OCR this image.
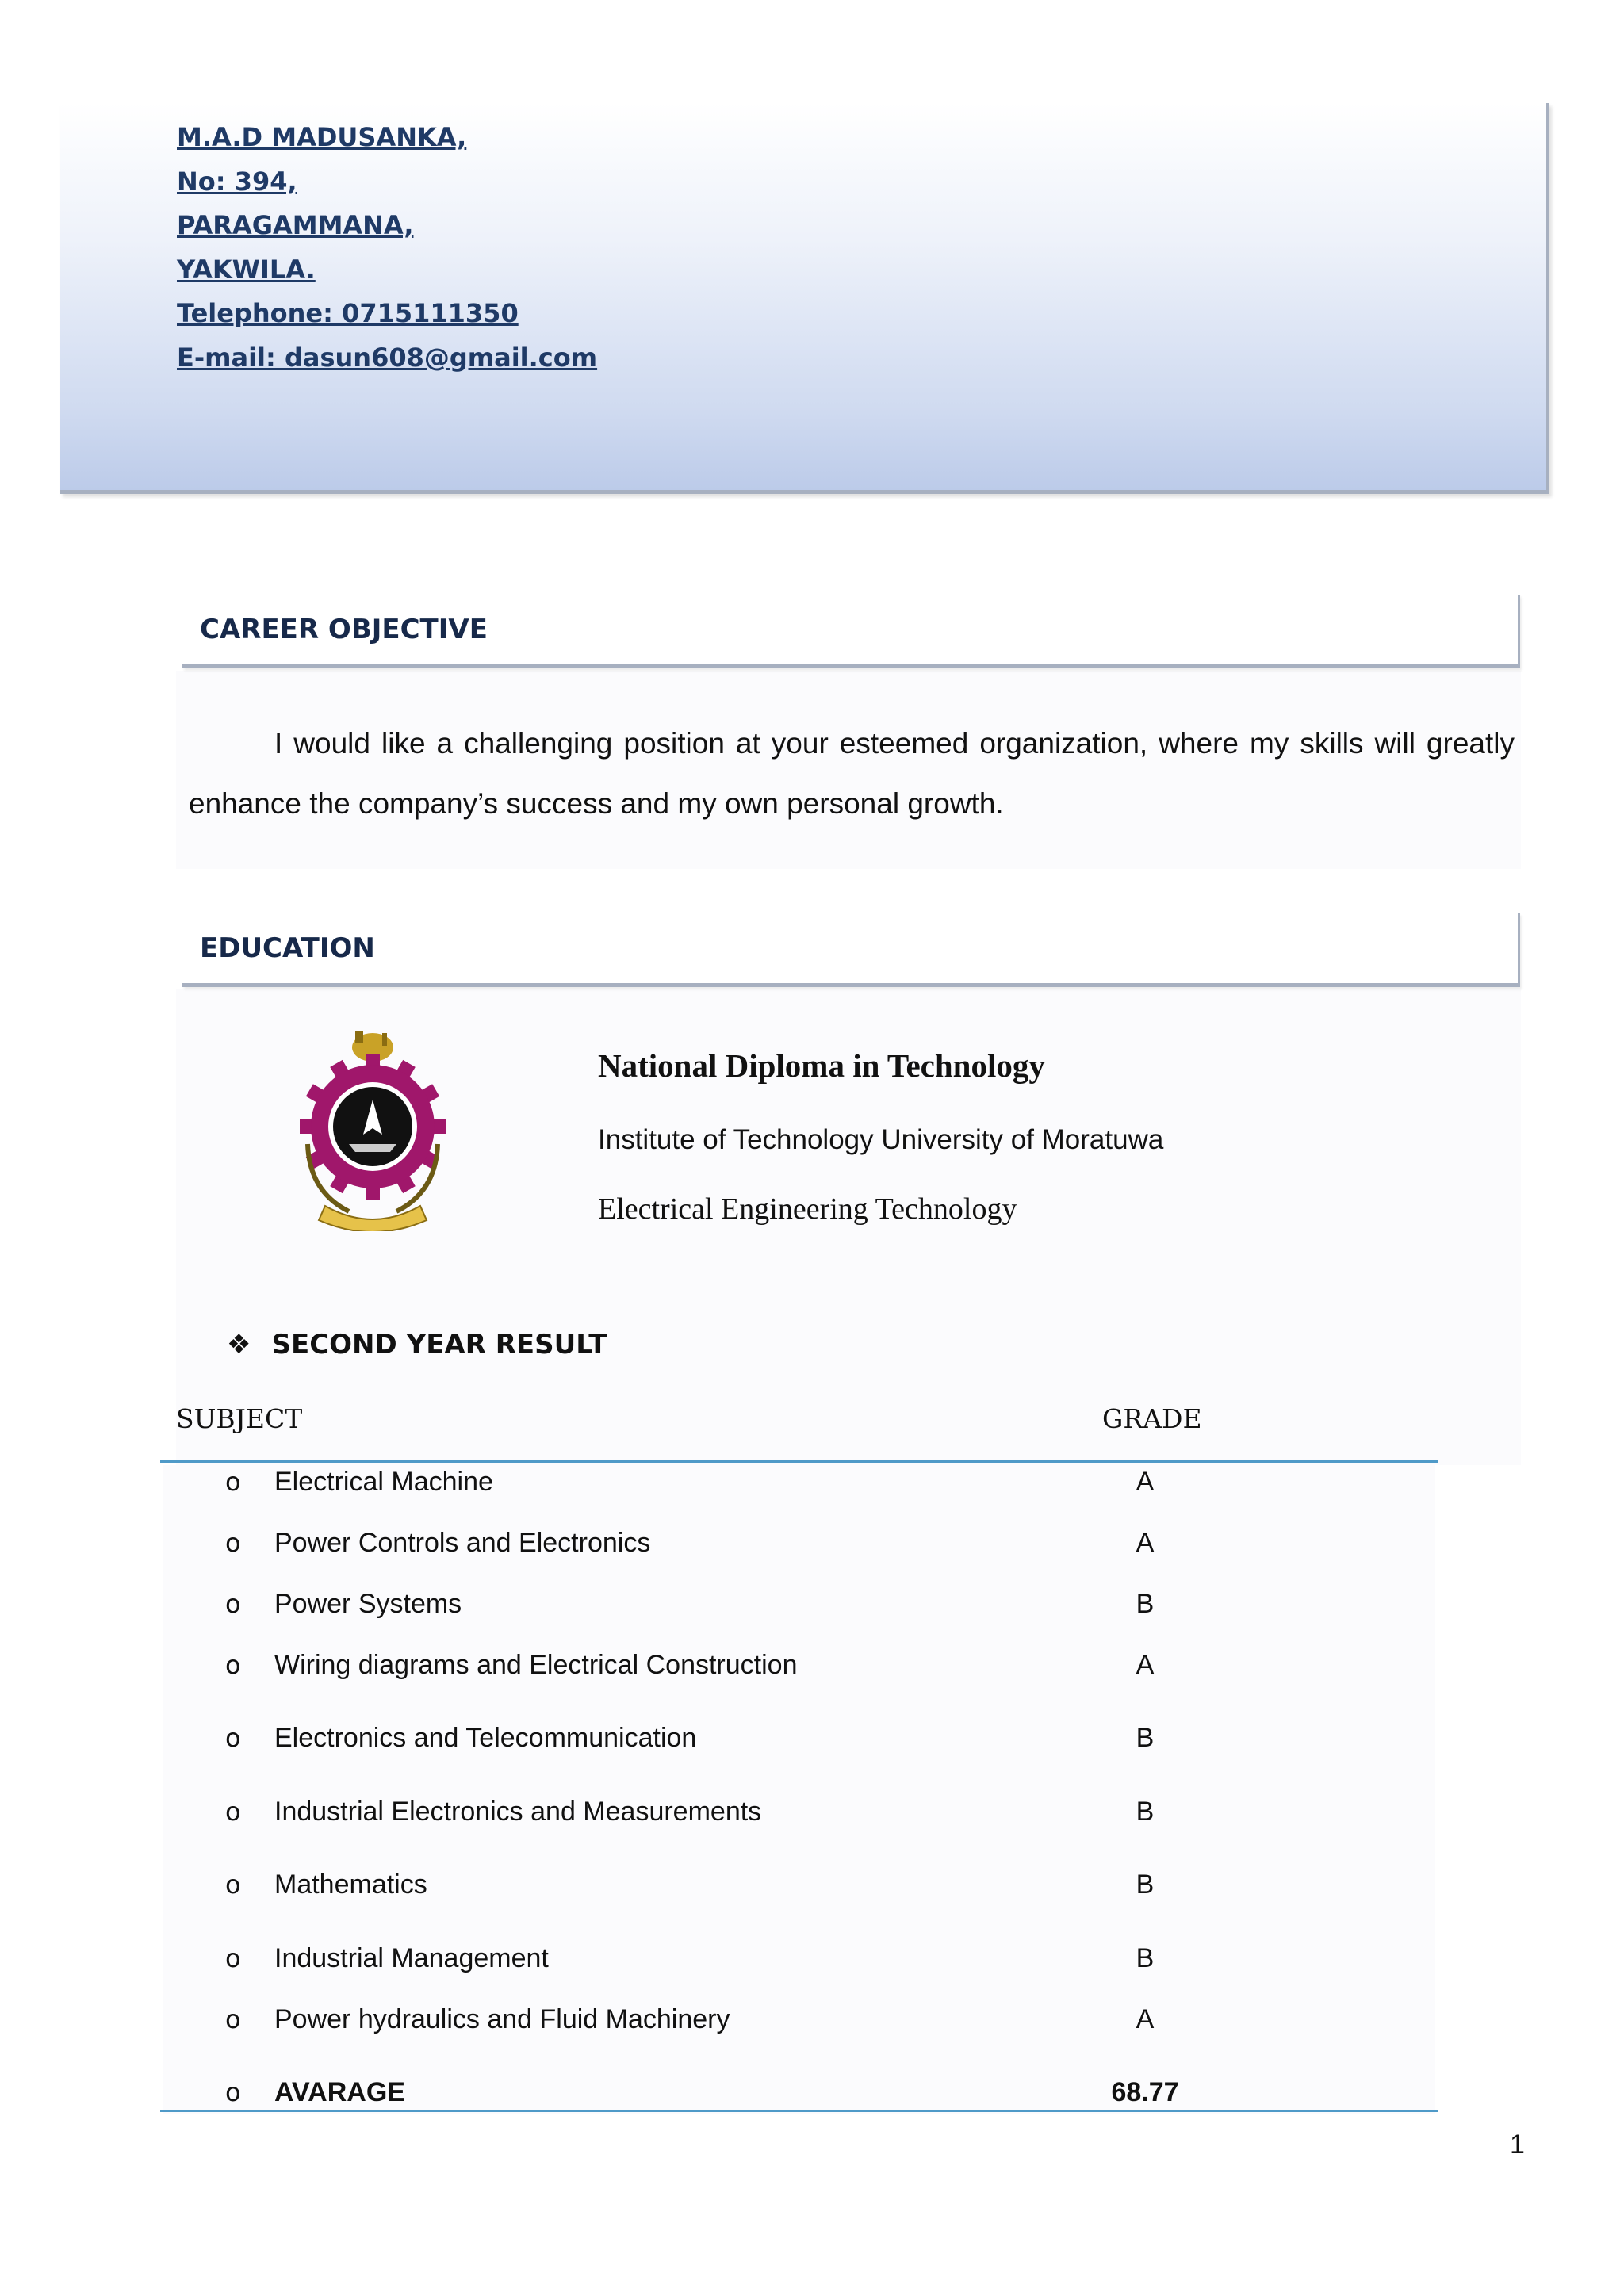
M.A.D MADUSANKA,
No: 394,
PARAGAMMANA,
YAKWILA.
Telephone: 0715111350
E-mail: dasun608@gmail.com
CAREER OBJECTIVE
I would like a challenging position at your esteemed organization, where my skills will greatly enhance the company’s success and my own personal growth.
EDUCATION
National Diploma in Technology
Institute of Technology University of Moratuwa
Electrical Engineering Technology
❖ SECOND YEAR RESULT
SUBJECT	GRADE
o Electrical Machine	A
o Power Controls and Electronics	A
o Power Systems	B
o Wiring diagrams and Electrical Construction	A
o Electronics and Telecommunication	B
o Industrial Electronics and Measurements	B
o Mathematics	B
o Industrial Management	B
o Power hydraulics and Fluid Machinery	A
o AVARAGE	68.77
1
